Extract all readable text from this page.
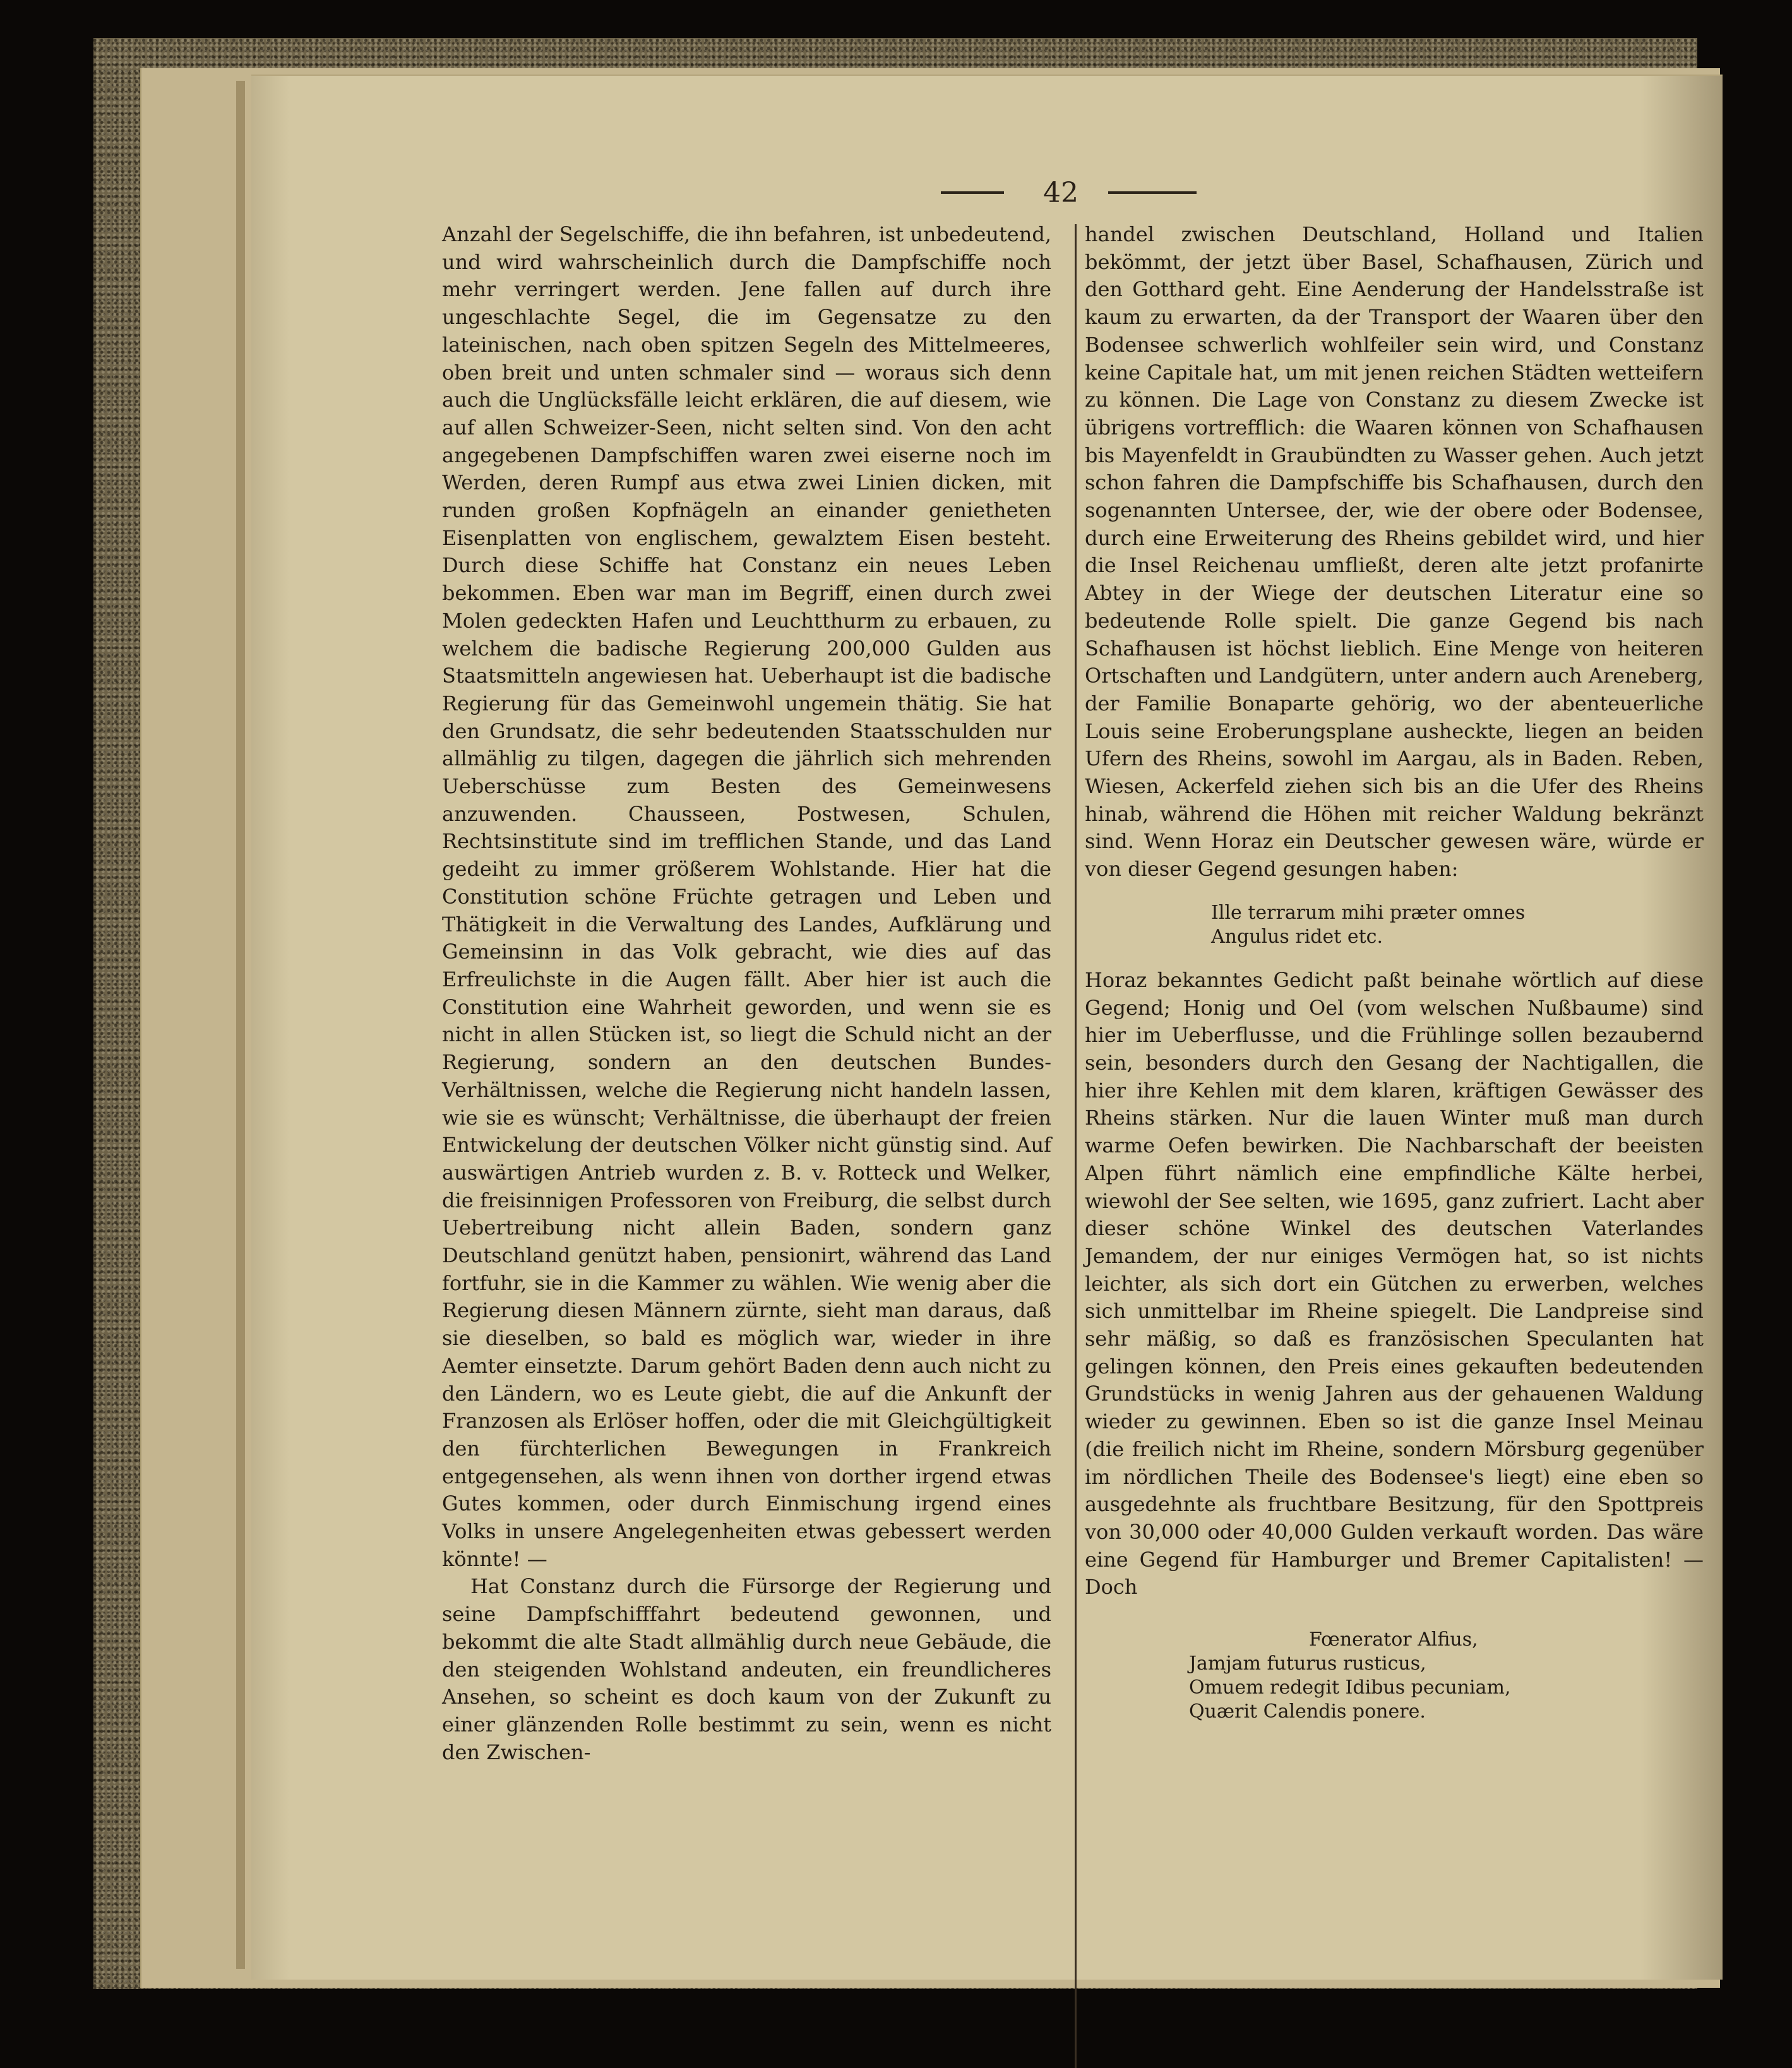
42

Anzahl der Segelschiffe, die ihn befahren, ist unbedeutend, und wird wahrscheinlich durch die Dampfschiffe noch mehr verringert werden. Jene fallen auf durch ihre ungeschlachte Segel, die im Gegensatze zu den lateinischen, nach oben spitzen Segeln des Mittelmeeres, oben breit und unten schmaler sind — woraus sich denn auch die Unglücksfälle leicht erklären, die auf diesem, wie auf allen Schweizer-Seen, nicht selten sind. Von den acht angegebenen Dampfschiffen waren zwei eiserne noch im Werden, deren Rumpf aus etwa zwei Linien dicken, mit runden großen Kopfnägeln an einander genietheten Eisenplatten von englischem, gewalztem Eisen besteht. Durch diese Schiffe hat Constanz ein neues Leben bekommen. Eben war man im Begriff, einen durch zwei Molen gedeckten Hafen und Leuchtthurm zu erbauen, zu welchem die badische Regierung 200,000 Gulden aus Staatsmitteln angewiesen hat. Ueberhaupt ist die badische Regierung für das Gemeinwohl ungemein thätig. Sie hat den Grundsatz, die sehr bedeutenden Staatsschulden nur allmählig zu tilgen, dagegen die jährlich sich mehrenden Ueberschüsse zum Besten des Gemeinwesens anzuwenden. Chausseen, Postwesen, Schulen, Rechtsinstitute sind im trefflichen Stande, und das Land gedeiht zu immer größerem Wohlstande. Hier hat die Constitution schöne Früchte getragen und Leben und Thätigkeit in die Verwaltung des Landes, Aufklärung und Gemeinsinn in das Volk gebracht, wie dies auf das Erfreulichste in die Augen fällt. Aber hier ist auch die Constitution eine Wahrheit geworden, und wenn sie es nicht in allen Stücken ist, so liegt die Schuld nicht an der Regierung, sondern an den deutschen Bundes-Verhältnissen, welche die Regierung nicht handeln lassen, wie sie es wünscht; Verhältnisse, die überhaupt der freien Entwickelung der deutschen Völker nicht günstig sind. Auf auswärtigen Antrieb wurden z. B. v. Rotteck und Welker, die freisinnigen Professoren von Freiburg, die selbst durch Uebertreibung nicht allein Baden, sondern ganz Deutschland genützt haben, pensionirt, während das Land fortfuhr, sie in die Kammer zu wählen. Wie wenig aber die Regierung diesen Männern zürnte, sieht man daraus, daß sie dieselben, so bald es möglich war, wieder in ihre Aemter einsetzte. Darum gehört Baden denn auch nicht zu den Ländern, wo es Leute giebt, die auf die Ankunft der Franzosen als Erlöser hoffen, oder die mit Gleichgültigkeit den fürchterlichen Bewegungen in Frankreich entgegensehen, als wenn ihnen von dorther irgend etwas Gutes kommen, oder durch Einmischung irgend eines Volks in unsere Angelegenheiten etwas gebessert werden könnte! —

Hat Constanz durch die Fürsorge der Regierung und seine Dampfschifffahrt bedeutend gewonnen, und bekommt die alte Stadt allmählig durch neue Gebäude, die den steigenden Wohlstand andeuten, ein freundlicheres Ansehen, so scheint es doch kaum von der Zukunft zu einer glänzenden Rolle bestimmt zu sein, wenn es nicht den Zwischen-

handel zwischen Deutschland, Holland und Italien bekömmt, der jetzt über Basel, Schafhausen, Zürich und den Gotthard geht. Eine Aenderung der Handelsstraße ist kaum zu erwarten, da der Transport der Waaren über den Bodensee schwerlich wohlfeiler sein wird, und Constanz keine Capitale hat, um mit jenen reichen Städten wetteifern zu können. Die Lage von Constanz zu diesem Zwecke ist übrigens vortrefflich: die Waaren können von Schafhausen bis Mayenfeldt in Graubündten zu Wasser gehen. Auch jetzt schon fahren die Dampfschiffe bis Schafhausen, durch den sogenannten Untersee, der, wie der obere oder Bodensee, durch eine Erweiterung des Rheins gebildet wird, und hier die Insel Reichenau umfließt, deren alte jetzt profanirte Abtey in der Wiege der deutschen Literatur eine so bedeutende Rolle spielt. Die ganze Gegend bis nach Schafhausen ist höchst lieblich. Eine Menge von heiteren Ortschaften und Landgütern, unter andern auch Areneberg, der Familie Bonaparte gehörig, wo der abenteuerliche Louis seine Eroberungsplane ausheckte, liegen an beiden Ufern des Rheins, sowohl im Aargau, als in Baden. Reben, Wiesen, Ackerfeld ziehen sich bis an die Ufer des Rheins hinab, während die Höhen mit reicher Waldung bekränzt sind. Wenn Horaz ein Deutscher gewesen wäre, würde er von dieser Gegend gesungen haben:

Ille terrarum mihi præter omnes
Angulus ridet etc.

Horaz bekanntes Gedicht paßt beinahe wörtlich auf diese Gegend; Honig und Oel (vom welschen Nußbaume) sind hier im Ueberflusse, und die Frühlinge sollen bezaubernd sein, besonders durch den Gesang der Nachtigallen, die hier ihre Kehlen mit dem klaren, kräftigen Gewässer des Rheins stärken. Nur die lauen Winter muß man durch warme Oefen bewirken. Die Nachbarschaft der beeisten Alpen führt nämlich eine empfindliche Kälte herbei, wiewohl der See selten, wie 1695, ganz zufriert. Lacht aber dieser schöne Winkel des deutschen Vaterlandes Jemandem, der nur einiges Vermögen hat, so ist nichts leichter, als sich dort ein Gütchen zu erwerben, welches sich unmittelbar im Rheine spiegelt. Die Landpreise sind sehr mäßig, so daß es französischen Speculanten hat gelingen können, den Preis eines gekauften bedeutenden Grundstücks in wenig Jahren aus der gehauenen Waldung wieder zu gewinnen. Eben so ist die ganze Insel Meinau (die freilich nicht im Rheine, sondern Mörsburg gegenüber im nördlichen Theile des Bodensee's liegt) eine eben so ausgedehnte als fruchtbare Besitzung, für den Spottpreis von 30,000 oder 40,000 Gulden verkauft worden. Das wäre eine Gegend für Hamburger und Bremer Capitalisten! — Doch

Fœnerator Alfius,
Jamjam futurus rusticus,
Omuem redegit Idibus pecuniam,
Quærit Calendis ponere.
